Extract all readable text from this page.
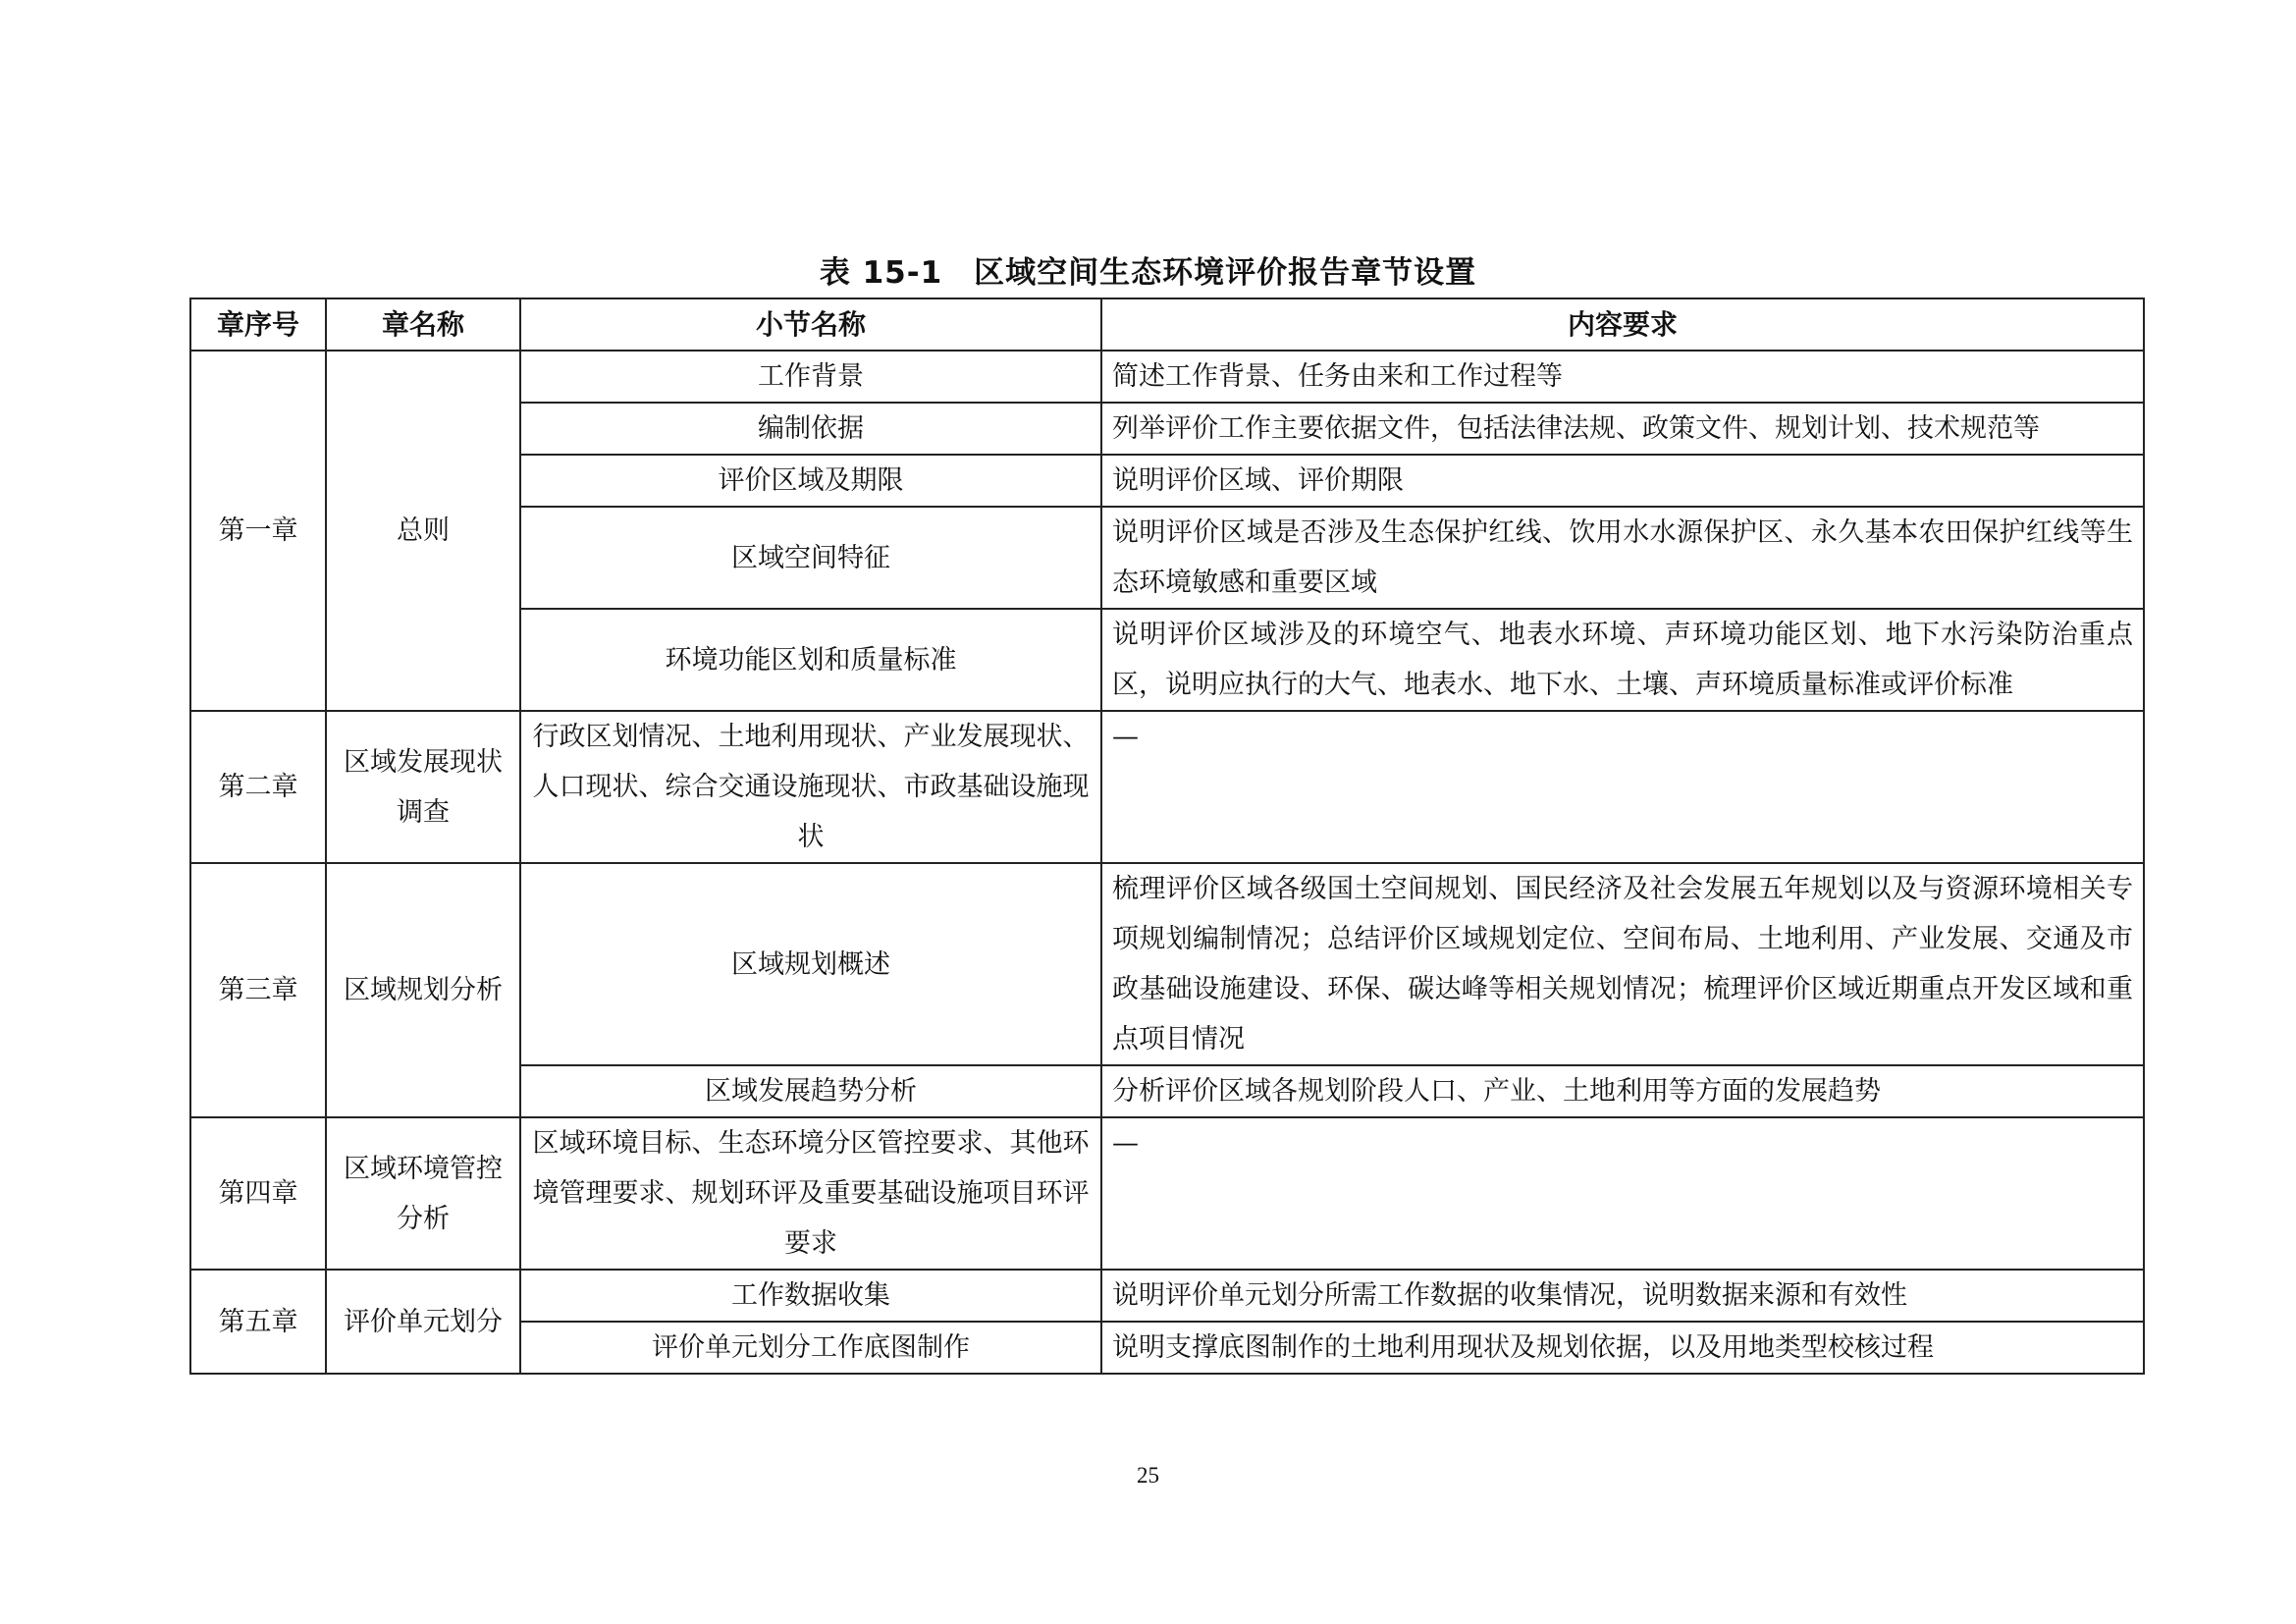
表 15-1　区域空间生态环境评价报告章节设置
章序号	章名称	小节名称	内容要求
第一章	总则	工作背景	简述工作背景、任务由来和工作过程等
		编制依据	列举评价工作主要依据文件，包括法律法规、政策文件、规划计划、技术规范等
		评价区域及期限	说明评价区域、评价期限
		区域空间特征	说明评价区域是否涉及生态保护红线、饮用水水源保护区、永久基本农田保护红线等生态环境敏感和重要区域

		环境功能区划和质量标准	说明评价区域涉及的环境空气、地表水环境、声环境功能区划、地下水污染防治重点区，说明应执行的大气、地表水、地下水、土壤、声环境质量标准或评价标准

第二章	区域发展现状调查	行政区划情况、土地利用现状、产业发展现状、人口现状、综合交通设施现状、市政基础设施现状	—
第三章	区域规划分析	区域规划概述	梳理评价区域各级国土空间规划、国民经济及社会发展五年规划以及与资源环境相关专项规划编制情况；总结评价区域规划定位、空间布局、土地利用、产业发展、交通及市政基础设施建设、环保、碳达峰等相关规划情况；梳理评价区域近期重点开发区域和重点项目情况
		区域发展趋势分析	分析评价区域各规划阶段人口、产业、土地利用等方面的发展趋势
第四章	区域环境管控分析	区域环境目标、生态环境分区管控要求、其他环境管理要求、规划环评及重要基础设施项目环评要求	—
第五章	评价单元划分	工作数据收集	说明评价单元划分所需工作数据的收集情况，说明数据来源和有效性
		评价单元划分工作底图制作	说明支撑底图制作的土地利用现状及规划依据，以及用地类型校核过程
25
